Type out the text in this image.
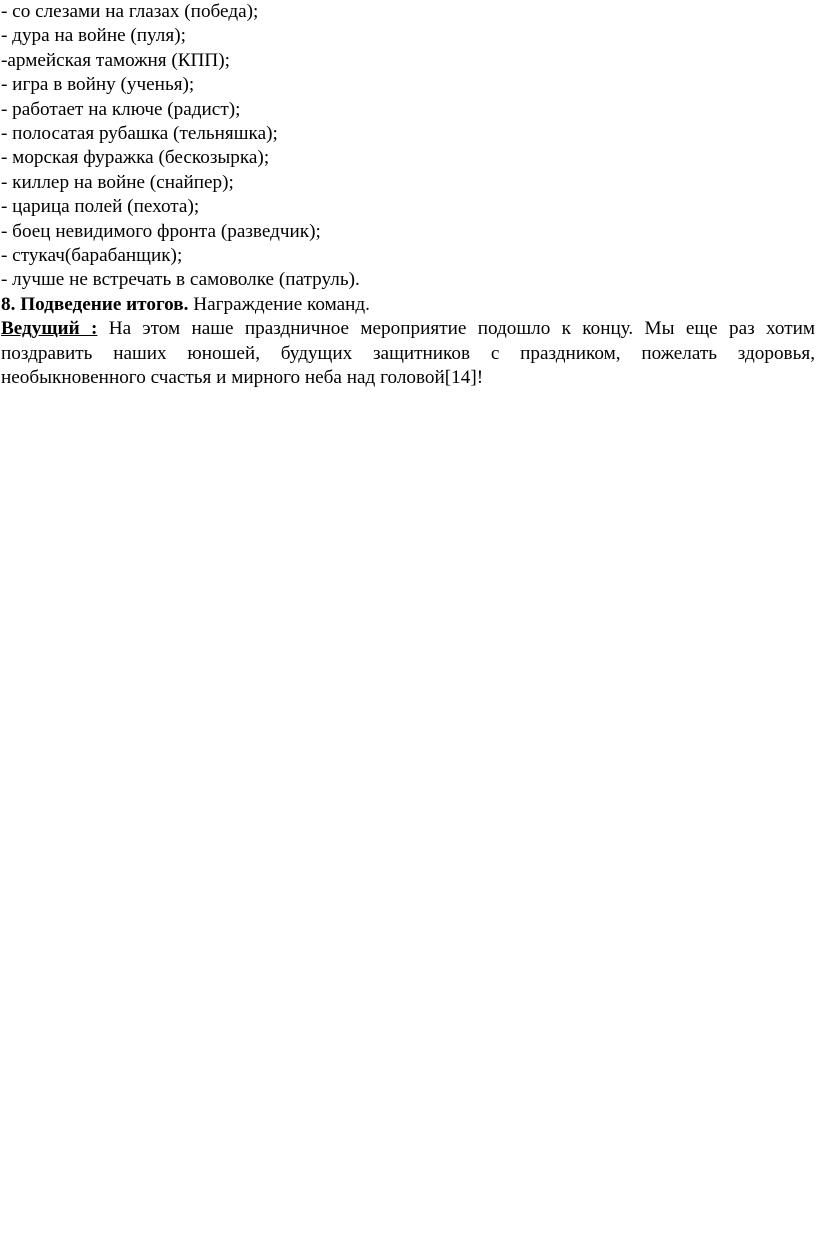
- со слезами на глазах (победа);

- дура на войне (пуля);

-армейская таможня (КПП);

- игра в войну (ученья);

- работает на ключе (радист);

- полосатая рубашка (тельняшка);

- морская фуражка (бескозырка);

- киллер на войне (снайпер);

- царица полей (пехота);

- боец невидимого фронта (разведчик);

- стукач(барабанщик);

- лучше не встречать в самоволке (патруль).

8. Подведение итогов. Награждение команд.

Ведущий : На этом наше праздничное мероприятие подошло к концу. Мы еще раз хотим поздравить наших юношей, будущих защитников с праздником, пожелать здоровья, необыкновенного счастья и мирного неба над головой[14]!
